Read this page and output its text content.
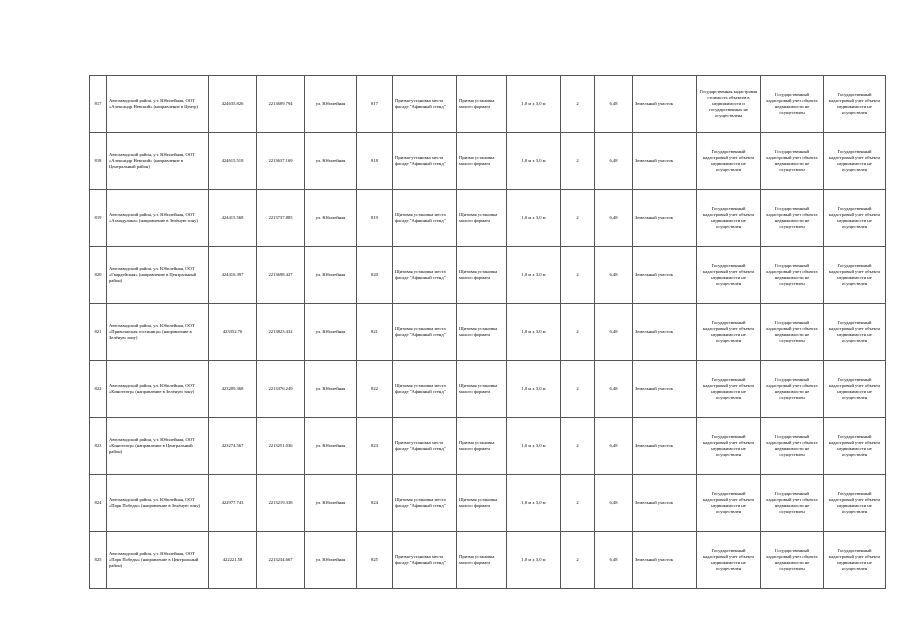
817	Автозаводский район, у.т. Юбилейная, ООТ «Александр Невский» (направление в Центр)	424635.826	2213609.794	ул. Юбилейная	817	Призма-установка места фасаде "Афишный стенд"	Призма установка малого формата	1,0 м х 3,0 м	2	6,48	Земельный участок	Государственная кадастровая стоимость объектов в недвижимости и государственных не осуществлена	Государственный кадастровый учет объекта недвижимости не осуществлен	Государственный кадастровый учет объекта недвижимости не осуществлен
818	Автозаводский район, у.т. Юбилейная, ООТ «Александр Невский» (направление в Центральный район)	424615.518	2213637.169	ул. Юбилейная	818	Призма-установка места фасаде "Афишный стенд"	Призма установка малого формата	1,0 м х 3,0 м	2	6,48	Земельный участок	Государственный кадастровый учет объекта недвижимости не осуществлен	Государственный кадастровый учет объекта недвижимости не осуществлен	Государственный кадастровый учет объекта недвижимости не осуществлен
819	Автозаводский район, у.т. Юбилейная, ООТ «Ахмадулина» (направление в Зелёную зону)	424415.568	2213737.885	ул. Юбилейная	819	Щитовая установка места фасаде "Афишный стенд"	Щитовая установка малого формата	1,0 м х 3,0 м	2	6,48	Земельный участок	Государственный кадастровый учет объекта недвижимости не осуществлен	Государственный кадастровый учет объекта недвижимости не осуществлен	Государственный кадастровый учет объекта недвижимости не осуществлен
820	Автозаводский район, ул. Юбилейная, ООТ «Гвардейская» (направление в Центральный район)	424416.397	2213698.427	ул. Юбилейная	820	Щитовая установка места фасаде "Афишный стенд"	Щитовая установка малого формата	1,0 м х 3,0 м	2	6,48	Земельный участок	Государственный кадастровый учет объекта недвижимости не осуществлен	Государственный кадастровый учет объекта недвижимости не осуществлен	Государственный кадастровый учет объекта недвижимости не осуществлен
821	Автозаводский район, ул. Юбилейная, ООТ «Приволжская гостиница» (направление в Зелёную зону)	423352.76	2213823.432	ул. Юбилейная	821	Щитовая установка места фасаде "Афишный стенд"	Щитовая установка малого формата	1,0 м х 3,0 м	2	6,48	Земельный участок	Государственный кадастровый учет объекта недвижимости не осуществлен	Государственный кадастровый учет объекта недвижимости не осуществлен	Государственный кадастровый учет объекта недвижимости не осуществлен
822	Автозаводский район, ул. Юбилейная, ООТ «Кинотеатр» (направление в Зелёную зону)	423289.368	2213376.249	ул. Юбилейная	822	Щитовая установка места фасаде "Афишный стенд"	Щитовая установка малого формата	1,0 м х 3,0 м	2	6,48	Земельный участок	Государственный кадастровый учет объекта недвижимости не осуществлен	Государственный кадастровый учет объекта недвижимости не осуществлен	Государственный кадастровый учет объекта недвижимости не осуществлен
823	Автозаводский район, у.т. Юбилейная, ООТ «Кинотеатр» (направление в Центральный район)	423274.567	2213251.036	ул. Юбилейная	823	Призма-установка места фасаде "Афишный стенд"	Призма установка малого формата	1,0 м х 3,0 м	2	6,48	Земельный участок	Государственный кадастровый учет объекта недвижимости не осуществлен	Государственный кадастровый учет объекта недвижимости не осуществлен	Государственный кадастровый учет объекта недвижимости не осуществлен
824	Автозаводский район, ул. Юбилейная, ООТ «Парк Победы» (направление в Зелёную зону)	422977.743	2213219.338	ул. Юбилейная	824	Щитовая установка места фасаде "Афишный стенд"	Щитовая установка малого формата	1,0 м х 3,0 м	2	6,48	Земельный участок	Государственный кадастровый учет объекта недвижимости не осуществлен	Государственный кадастровый учет объекта недвижимости не осуществлен	Государственный кадастровый учет объекта недвижимости не осуществлен
825	Автозаводский район, у.т. Юбилейная, ООТ «Парк Победы» (направление в Центральный район)	422221.58	2213234.667	ул. Юбилейная	825	Призма-установка места фасаде "Афишный стенд"	Призма установка малого формата	1,0 м х 3,0 м	2	6,48	Земельный участок	Государственный кадастровый учет объекта недвижимости не осуществлен	Государственный кадастровый учет объекта недвижимости не осуществлен	Государственный кадастровый учет объекта недвижимости не осуществлен
